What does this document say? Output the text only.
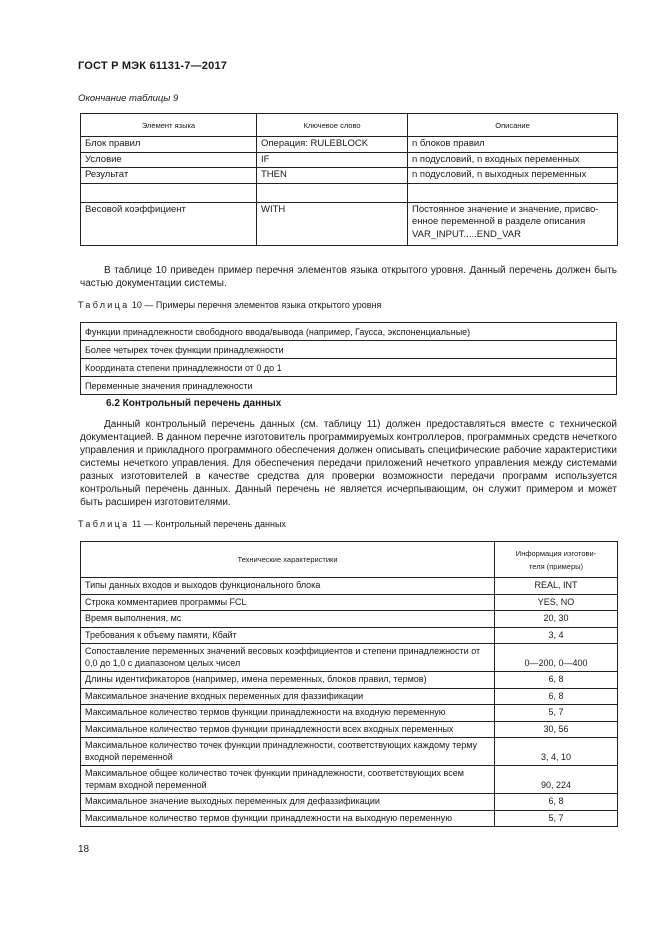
ГОСТ Р МЭК 61131-7—2017
Окончание таблицы 9
Элемент языка	Ключевое слово	Описание
Блок правил	Операция: RULEBLOCK	n блоков правил
Условие	IF	n подусловий, n входных переменных
Результат	THEN	n подусловий, n выходных переменных

Весовой коэффициент	WITH	Постоянное значение и значение, присво-
енное переменной в разделе описания
VAR_INPUT.....END_VAR
В таблице 10 приведен пример перечня элементов языка открытого уровня. Данный перечень должен быть частью документации системы.
Таблица 10 — Примеры перечня элементов языка открытого уровня
Функции принадлежности свободного ввода/вывода (например, Гаусса, экспоненциальные)
Более четырех точек функции принадлежности
Координата степени принадлежности от 0 до 1
Переменные значения принадлежности
6.2 Контрольный перечень данных
Данный контрольный перечень данных (см. таблицу 11) должен предоставляться вместе с технической документацией. В данном перечне изготовитель программируемых контроллеров, программных средств нечеткого управления и прикладного программного обеспечения должен описывать специфические рабочие характеристики системы нечеткого управления. Для обеспечения передачи приложений нечеткого управления между системами разных изготовителей в качестве средства для проверки возможности передачи программ используется контрольный перечень данных. Данный перечень не является исчерпывающим, он служит примером и может быть расширен изготовителями.
Таблица 11 — Контрольный перечень данных
Технические характеристики	Информация изготови-
теля (примеры)
Типы данных входов и выходов функционального блока	REAL, INT
Строка комментариев программы FCL	YES, NO
Время выполнения, мс	20, 30
Требования к объему памяти, Кбайт	3, 4
Сопоставление переменных значений весовых коэффициентов и степени принадлежности от 0,0 до 1,0 с диапазоном целых чисел	0—200, 0—400
Длины идентификаторов (например, имена переменных, блоков правил, термов)	6, 8
Максимальное значение входных переменных для фаззификации	6, 8
Максимальное количество термов функции принадлежности на входную переменную	5, 7
Максимальное количество термов функции принадлежности всех входных переменных	30, 56
Максимальное количество точек функции принадлежности, соответствующих каждому терму входной переменной	3, 4, 10
Максимальное общее количество точек функции принадлежности, соответствующих всем термам входной переменной	90, 224
Максимальное значение выходных переменных для дефаззификации	6, 8
Максимальное количество термов функции принадлежности на выходную переменную	5, 7
18
